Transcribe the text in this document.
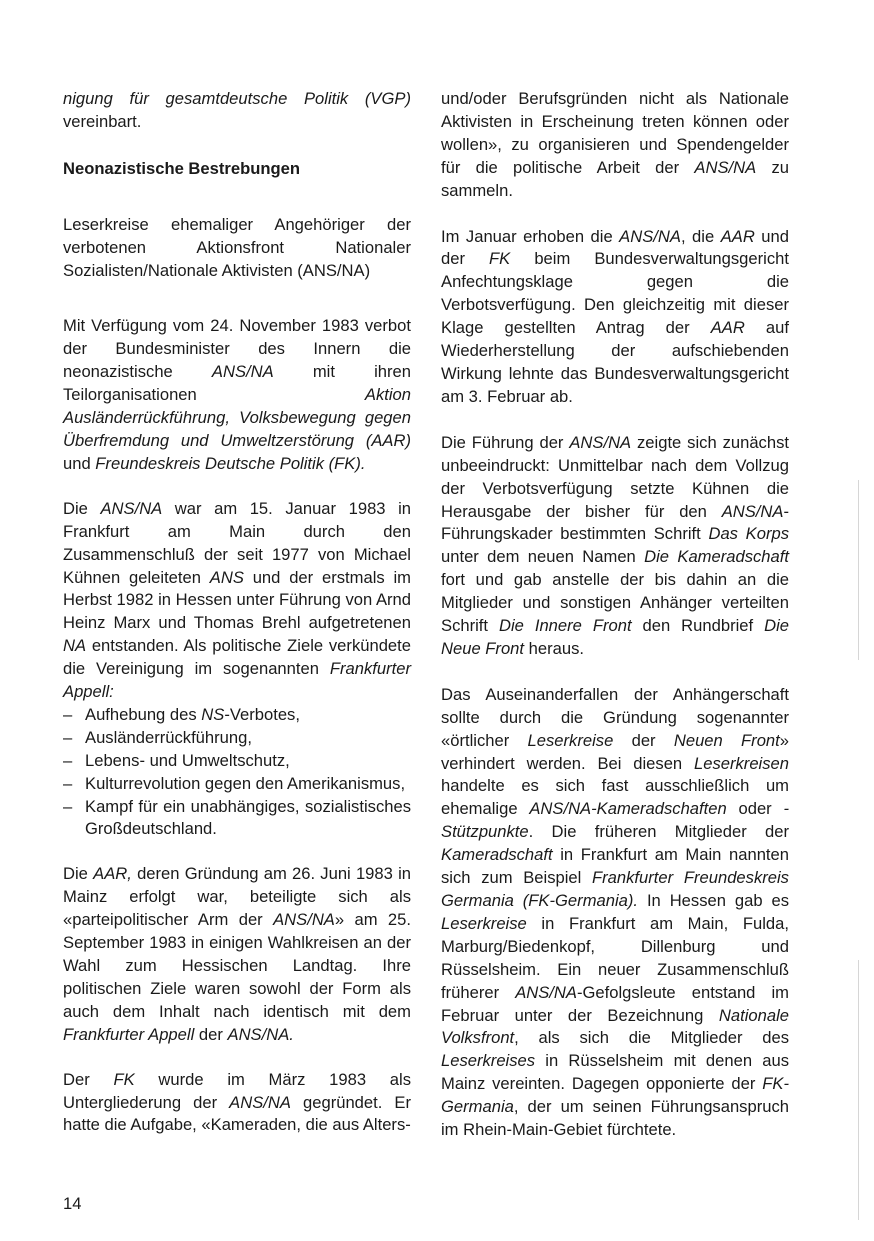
nigung für gesamtdeutsche Politik (VGP) vereinbart.

Neonazistische Bestrebungen

Leserkreise ehemaliger Angehöriger der verbotenen Aktionsfront Nationaler Sozialisten/Nationale Aktivisten (ANS/NA)

Mit Verfügung vom 24. November 1983 verbot der Bundesminister des Innern die neonazistische ANS/NA mit ihren Teilorganisationen Aktion Ausländerrückführung, Volksbewegung gegen Überfremdung und Umweltzerstörung (AAR) und Freundeskreis Deutsche Politik (FK).

Die ANS/NA war am 15. Januar 1983 in Frankfurt am Main durch den Zusammenschluß der seit 1977 von Michael Kühnen geleiteten ANS und der erstmals im Herbst 1982 in Hessen unter Führung von Arnd Heinz Marx und Thomas Brehl aufgetretenen NA entstanden. Als politische Ziele verkündete die Vereinigung im sogenannten Frankfurter Appell:

– Aufhebung des NS-Verbotes,
– Ausländerrückführung,
– Lebens- und Umweltschutz,
– Kulturrevolution gegen den Amerikanismus,
– Kampf für ein unabhängiges, sozialistisches Großdeutschland.

Die AAR, deren Gründung am 26. Juni 1983 in Mainz erfolgt war, beteiligte sich als «parteipolitischer Arm der ANS/NA» am 25. September 1983 in einigen Wahlkreisen an der Wahl zum Hessischen Landtag. Ihre politischen Ziele waren sowohl der Form als auch dem Inhalt nach identisch mit dem Frankfurter Appell der ANS/NA.

Der FK wurde im März 1983 als Untergliederung der ANS/NA gegründet. Er hatte die Aufgabe, «Kameraden, die aus Alters-

und/oder Berufsgründen nicht als Nationale Aktivisten in Erscheinung treten können oder wollen», zu organisieren und Spendengelder für die politische Arbeit der ANS/NA zu sammeln.

Im Januar erhoben die ANS/NA, die AAR und der FK beim Bundesverwaltungsgericht Anfechtungsklage gegen die Verbotsverfügung. Den gleichzeitig mit dieser Klage gestellten Antrag der AAR auf Wiederherstellung der aufschiebenden Wirkung lehnte das Bundesverwaltungsgericht am 3. Februar ab.

Die Führung der ANS/NA zeigte sich zunächst unbeeindruckt: Unmittelbar nach dem Vollzug der Verbotsverfügung setzte Kühnen die Herausgabe der bisher für den ANS/NA-Führungskader bestimmten Schrift Das Korps unter dem neuen Namen Die Kameradschaft fort und gab anstelle der bis dahin an die Mitglieder und sonstigen Anhänger verteilten Schrift Die Innere Front den Rundbrief Die Neue Front heraus.

Das Auseinanderfallen der Anhängerschaft sollte durch die Gründung sogenannter «örtlicher Leserkreise der Neuen Front» verhindert werden. Bei diesen Leserkreisen handelte es sich fast ausschließlich um ehemalige ANS/NA-Kameradschaften oder -Stützpunkte. Die früheren Mitglieder der Kameradschaft in Frankfurt am Main nannten sich zum Beispiel Frankfurter Freundeskreis Germania (FK-Germania). In Hessen gab es Leserkreise in Frankfurt am Main, Fulda, Marburg/Biedenkopf, Dillenburg und Rüsselsheim. Ein neuer Zusammenschluß früherer ANS/NA-Gefolgsleute entstand im Februar unter der Bezeichnung Nationale Volksfront, als sich die Mitglieder des Leserkreises in Rüsselsheim mit denen aus Mainz vereinten. Dagegen opponierte der FK-Germania, der um seinen Führungsanspruch im Rhein-Main-Gebiet fürchtete.

14
